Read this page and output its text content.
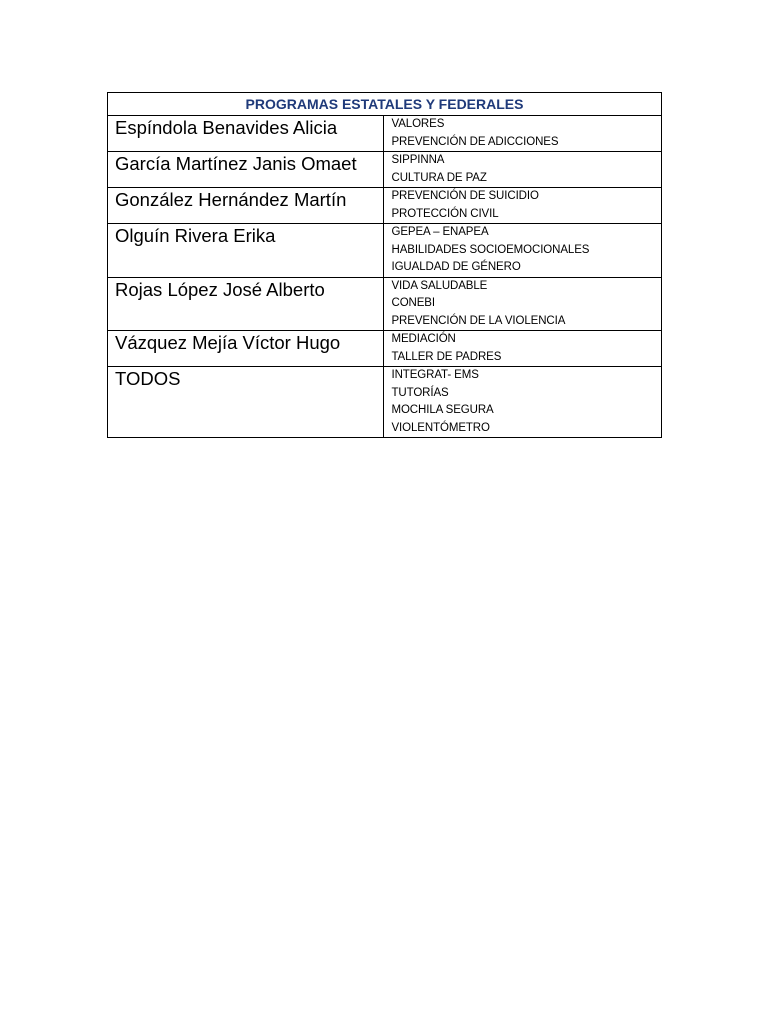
PROGRAMAS ESTATALES Y FEDERALES	
Espíndola Benavides Alicia	VALORES
PREVENCIÓN DE ADICCIONES

García Martínez Janis Omaet	SIPPINNA
CULTURA DE PAZ

González Hernández Martín	PREVENCIÓN DE SUICIDIO
PROTECCIÓN CIVIL

Olguín Rivera Erika	GEPEA – ENAPEA
HABILIDADES SOCIOEMOCIONALES
IGUALDAD DE GÉNERO

Rojas López José Alberto	VIDA SALUDABLE
CONEBI
PREVENCIÓN DE LA VIOLENCIA

Vázquez Mejía Víctor Hugo	MEDIACIÓN
TALLER DE PADRES

TODOS	INTEGRAT- EMS
TUTORÍAS
MOCHILA SEGURA
VIOLENTÓMETRO
